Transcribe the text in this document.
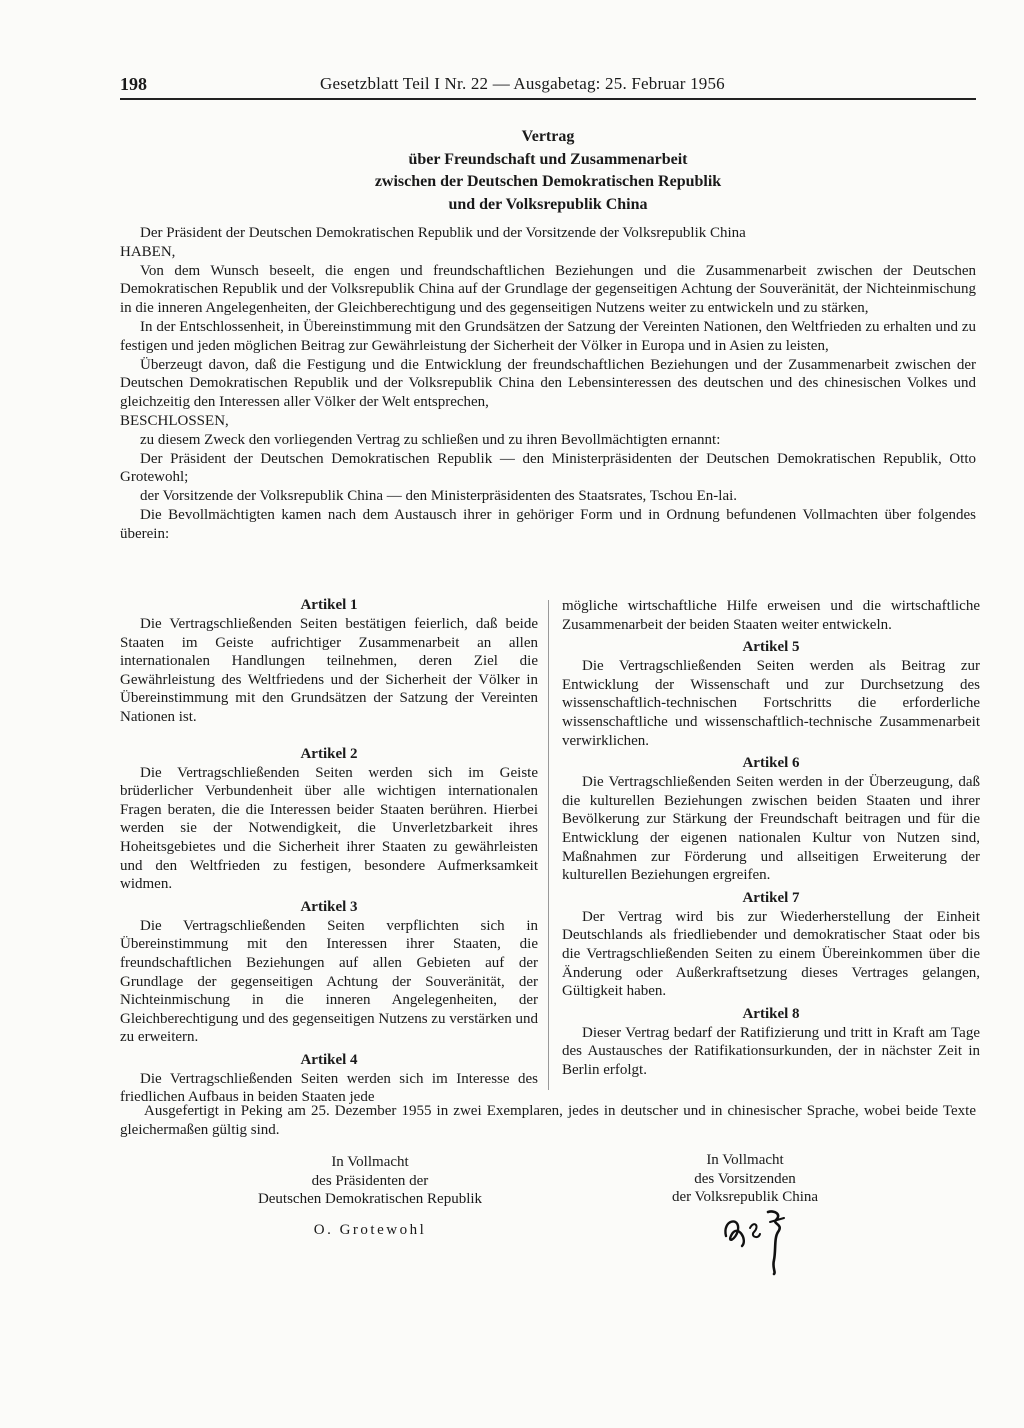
198	Gesetzblatt Teil I Nr. 22 — Ausgabetag: 25. Februar 1956
Vertrag
über Freundschaft und Zusammenarbeit
zwischen der Deutschen Demokratischen Republik
und der Volksrepublik China

Der Präsident der Deutschen Demokratischen Republik und der Vorsitzende der Volksrepublik China

HABEN,

Von dem Wunsch beseelt, die engen und freundschaftlichen Beziehungen und die Zusammenarbeit zwischen der Deutschen Demokratischen Republik und der Volksrepublik China auf der Grundlage der gegenseitigen Achtung der Souveränität, der Nichteinmischung in die inneren Angelegenheiten, der Gleichberechtigung und des gegenseitigen Nutzens weiter zu entwickeln und zu stärken,

In der Entschlossenheit, in Übereinstimmung mit den Grundsätzen der Satzung der Vereinten Nationen, den Weltfrieden zu erhalten und zu festigen und jeden möglichen Beitrag zur Gewährleistung der Sicherheit der Völker in Europa und in Asien zu leisten,

Überzeugt davon, daß die Festigung und die Entwicklung der freundschaftlichen Beziehungen und der Zusammenarbeit zwischen der Deutschen Demokratischen Republik und der Volksrepublik China den Lebensinteressen des deutschen und des chinesischen Volkes und gleichzeitig den Interessen aller Völker der Welt entsprechen,

BESCHLOSSEN,

zu diesem Zweck den vorliegenden Vertrag zu schließen und zu ihren Bevollmächtigten ernannt:

Der Präsident der Deutschen Demokratischen Republik — den Ministerpräsidenten der Deutschen Demokratischen Republik, Otto Grotewohl;

der Vorsitzende der Volksrepublik China — den Ministerpräsidenten des Staatsrates, Tschou En-lai.

Die Bevollmächtigten kamen nach dem Austausch ihrer in gehöriger Form und in Ordnung befundenen Vollmachten über folgendes überein:

Artikel 1

Die Vertragschließenden Seiten bestätigen feierlich, daß beide Staaten im Geiste aufrichtiger Zusammenarbeit an allen internationalen Handlungen teilnehmen, deren Ziel die Gewährleistung des Weltfriedens und der Sicherheit der Völker in Übereinstimmung mit den Grundsätzen der Satzung der Vereinten Nationen ist.

Artikel 2

Die Vertragschließenden Seiten werden sich im Geiste brüderlicher Verbundenheit über alle wichtigen internationalen Fragen beraten, die die Interessen beider Staaten berühren. Hierbei werden sie der Notwendigkeit, die Unverletzbarkeit ihres Hoheitsgebietes und die Sicherheit ihrer Staaten zu gewährleisten und den Weltfrieden zu festigen, besondere Aufmerksamkeit widmen.

Artikel 3

Die Vertragschließenden Seiten verpflichten sich in Übereinstimmung mit den Interessen ihrer Staaten, die freundschaftlichen Beziehungen auf allen Gebieten auf der Grundlage der gegenseitigen Achtung der Souveränität, der Nichteinmischung in die inneren Angelegenheiten, der Gleichberechtigung und des gegenseitigen Nutzens zu verstärken und zu erweitern.

Artikel 4

Die Vertragschließenden Seiten werden sich im Interesse des friedlichen Aufbaus in beiden Staaten jede

mögliche wirtschaftliche Hilfe erweisen und die wirtschaftliche Zusammenarbeit der beiden Staaten weiter entwickeln.

Artikel 5

Die Vertragschließenden Seiten werden als Beitrag zur Entwicklung der Wissenschaft und zur Durchsetzung des wissenschaftlich-technischen Fortschritts die erforderliche wissenschaftliche und wissenschaftlich-technische Zusammenarbeit verwirklichen.

Artikel 6

Die Vertragschließenden Seiten werden in der Überzeugung, daß die kulturellen Beziehungen zwischen beiden Staaten und ihrer Bevölkerung zur Stärkung der Freundschaft beitragen und für die Entwicklung der eigenen nationalen Kultur von Nutzen sind, Maßnahmen zur Förderung und allseitigen Erweiterung der kulturellen Beziehungen ergreifen.

Artikel 7

Der Vertrag wird bis zur Wiederherstellung der Einheit Deutschlands als friedliebender und demokratischer Staat oder bis die Vertragschließenden Seiten zu einem Übereinkommen über die Änderung oder Außerkraftsetzung dieses Vertrages gelangen, Gültigkeit haben.

Artikel 8

Dieser Vertrag bedarf der Ratifizierung und tritt in Kraft am Tage des Austausches der Ratifikationsurkunden, der in nächster Zeit in Berlin erfolgt.

Ausgefertigt in Peking am 25. Dezember 1955 in zwei Exemplaren, jedes in deutscher und in chinesischer Sprache, wobei beide Texte gleichermaßen gültig sind.

In Vollmacht
des Präsidenten der
Deutschen Demokratischen Republik
O. Grotewohl
In Vollmacht
des Vorsitzenden
der Volksrepublik China
